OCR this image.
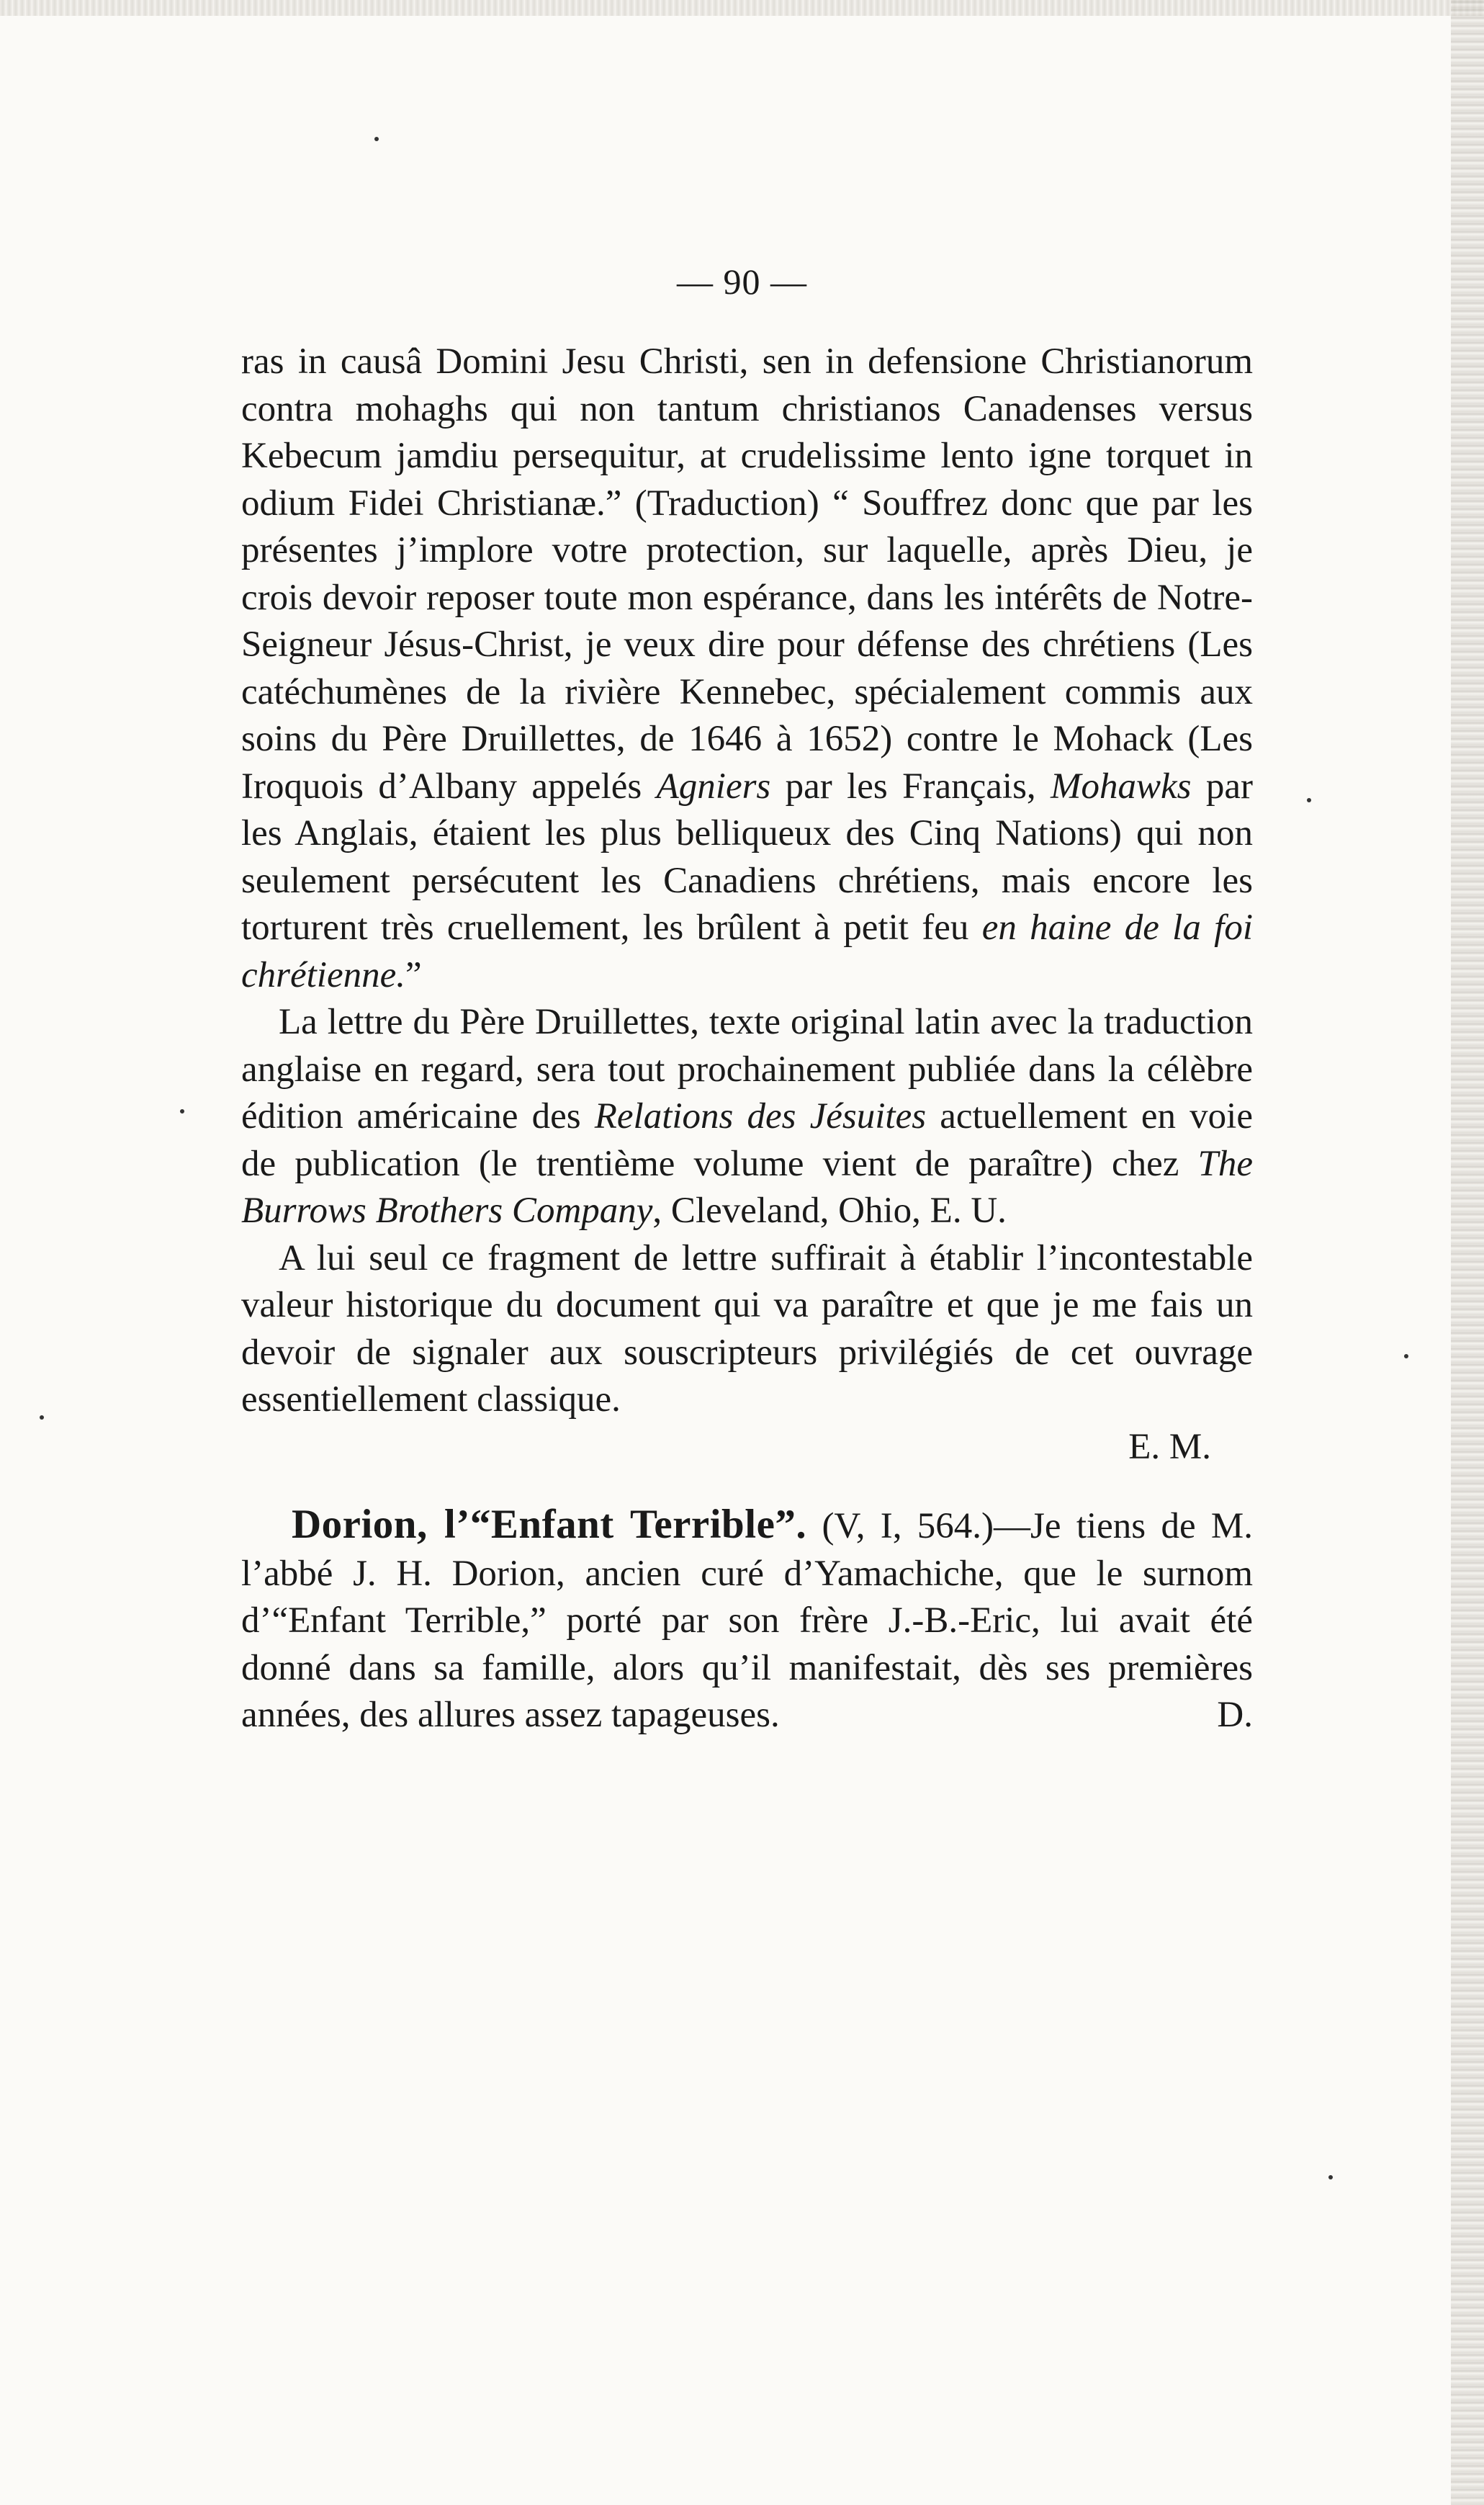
— 90 —

ras in causâ Domini Jesu Christi, sen in defensione Christianorum contra mohaghs qui non tantum christianos Canadenses versus Kebecum jamdiu persequitur, at crudelissime lento igne torquet in odium Fidei Christianæ.” (Traduction) “ Souffrez donc que par les présentes j’implore votre protection, sur laquelle, après Dieu, je crois devoir reposer toute mon espérance, dans les intérêts de Notre-Seigneur Jésus-Christ, je veux dire pour défense des chrétiens (Les catéchumènes de la rivière Kennebec, spécialement commis aux soins du Père Druillettes, de 1646 à 1652) contre le Mohack (Les Iroquois d’Albany appelés Agniers par les Français, Mohawks par les Anglais, étaient les plus belliqueux des Cinq Nations) qui non seulement persécutent les Canadiens chrétiens, mais encore les torturent très cruellement, les brûlent à petit feu en haine de la foi chrétienne.”

La lettre du Père Druillettes, texte original latin avec la traduction anglaise en regard, sera tout prochainement publiée dans la célèbre édition américaine des Relations des Jésuites actuellement en voie de publication (le trentième volume vient de paraître) chez The Burrows Brothers Company, Cleveland, Ohio, E. U.

A lui seul ce fragment de lettre suffirait à établir l’incontestable valeur historique du document qui va paraître et que je me fais un devoir de signaler aux souscripteurs privilégiés de cet ouvrage essentiellement classique.

E. M.

Dorion, l’“Enfant Terrible”. (V, I, 564.)—Je tiens de M. l’abbé J. H. Dorion, ancien curé d’Yamachiche, que le surnom d’“Enfant Terrible,” porté par son frère J.-B.-Eric, lui avait été donné dans sa famille, alors qu’il manifestait, dès ses premières années, des allures assez tapageuses.	D.
